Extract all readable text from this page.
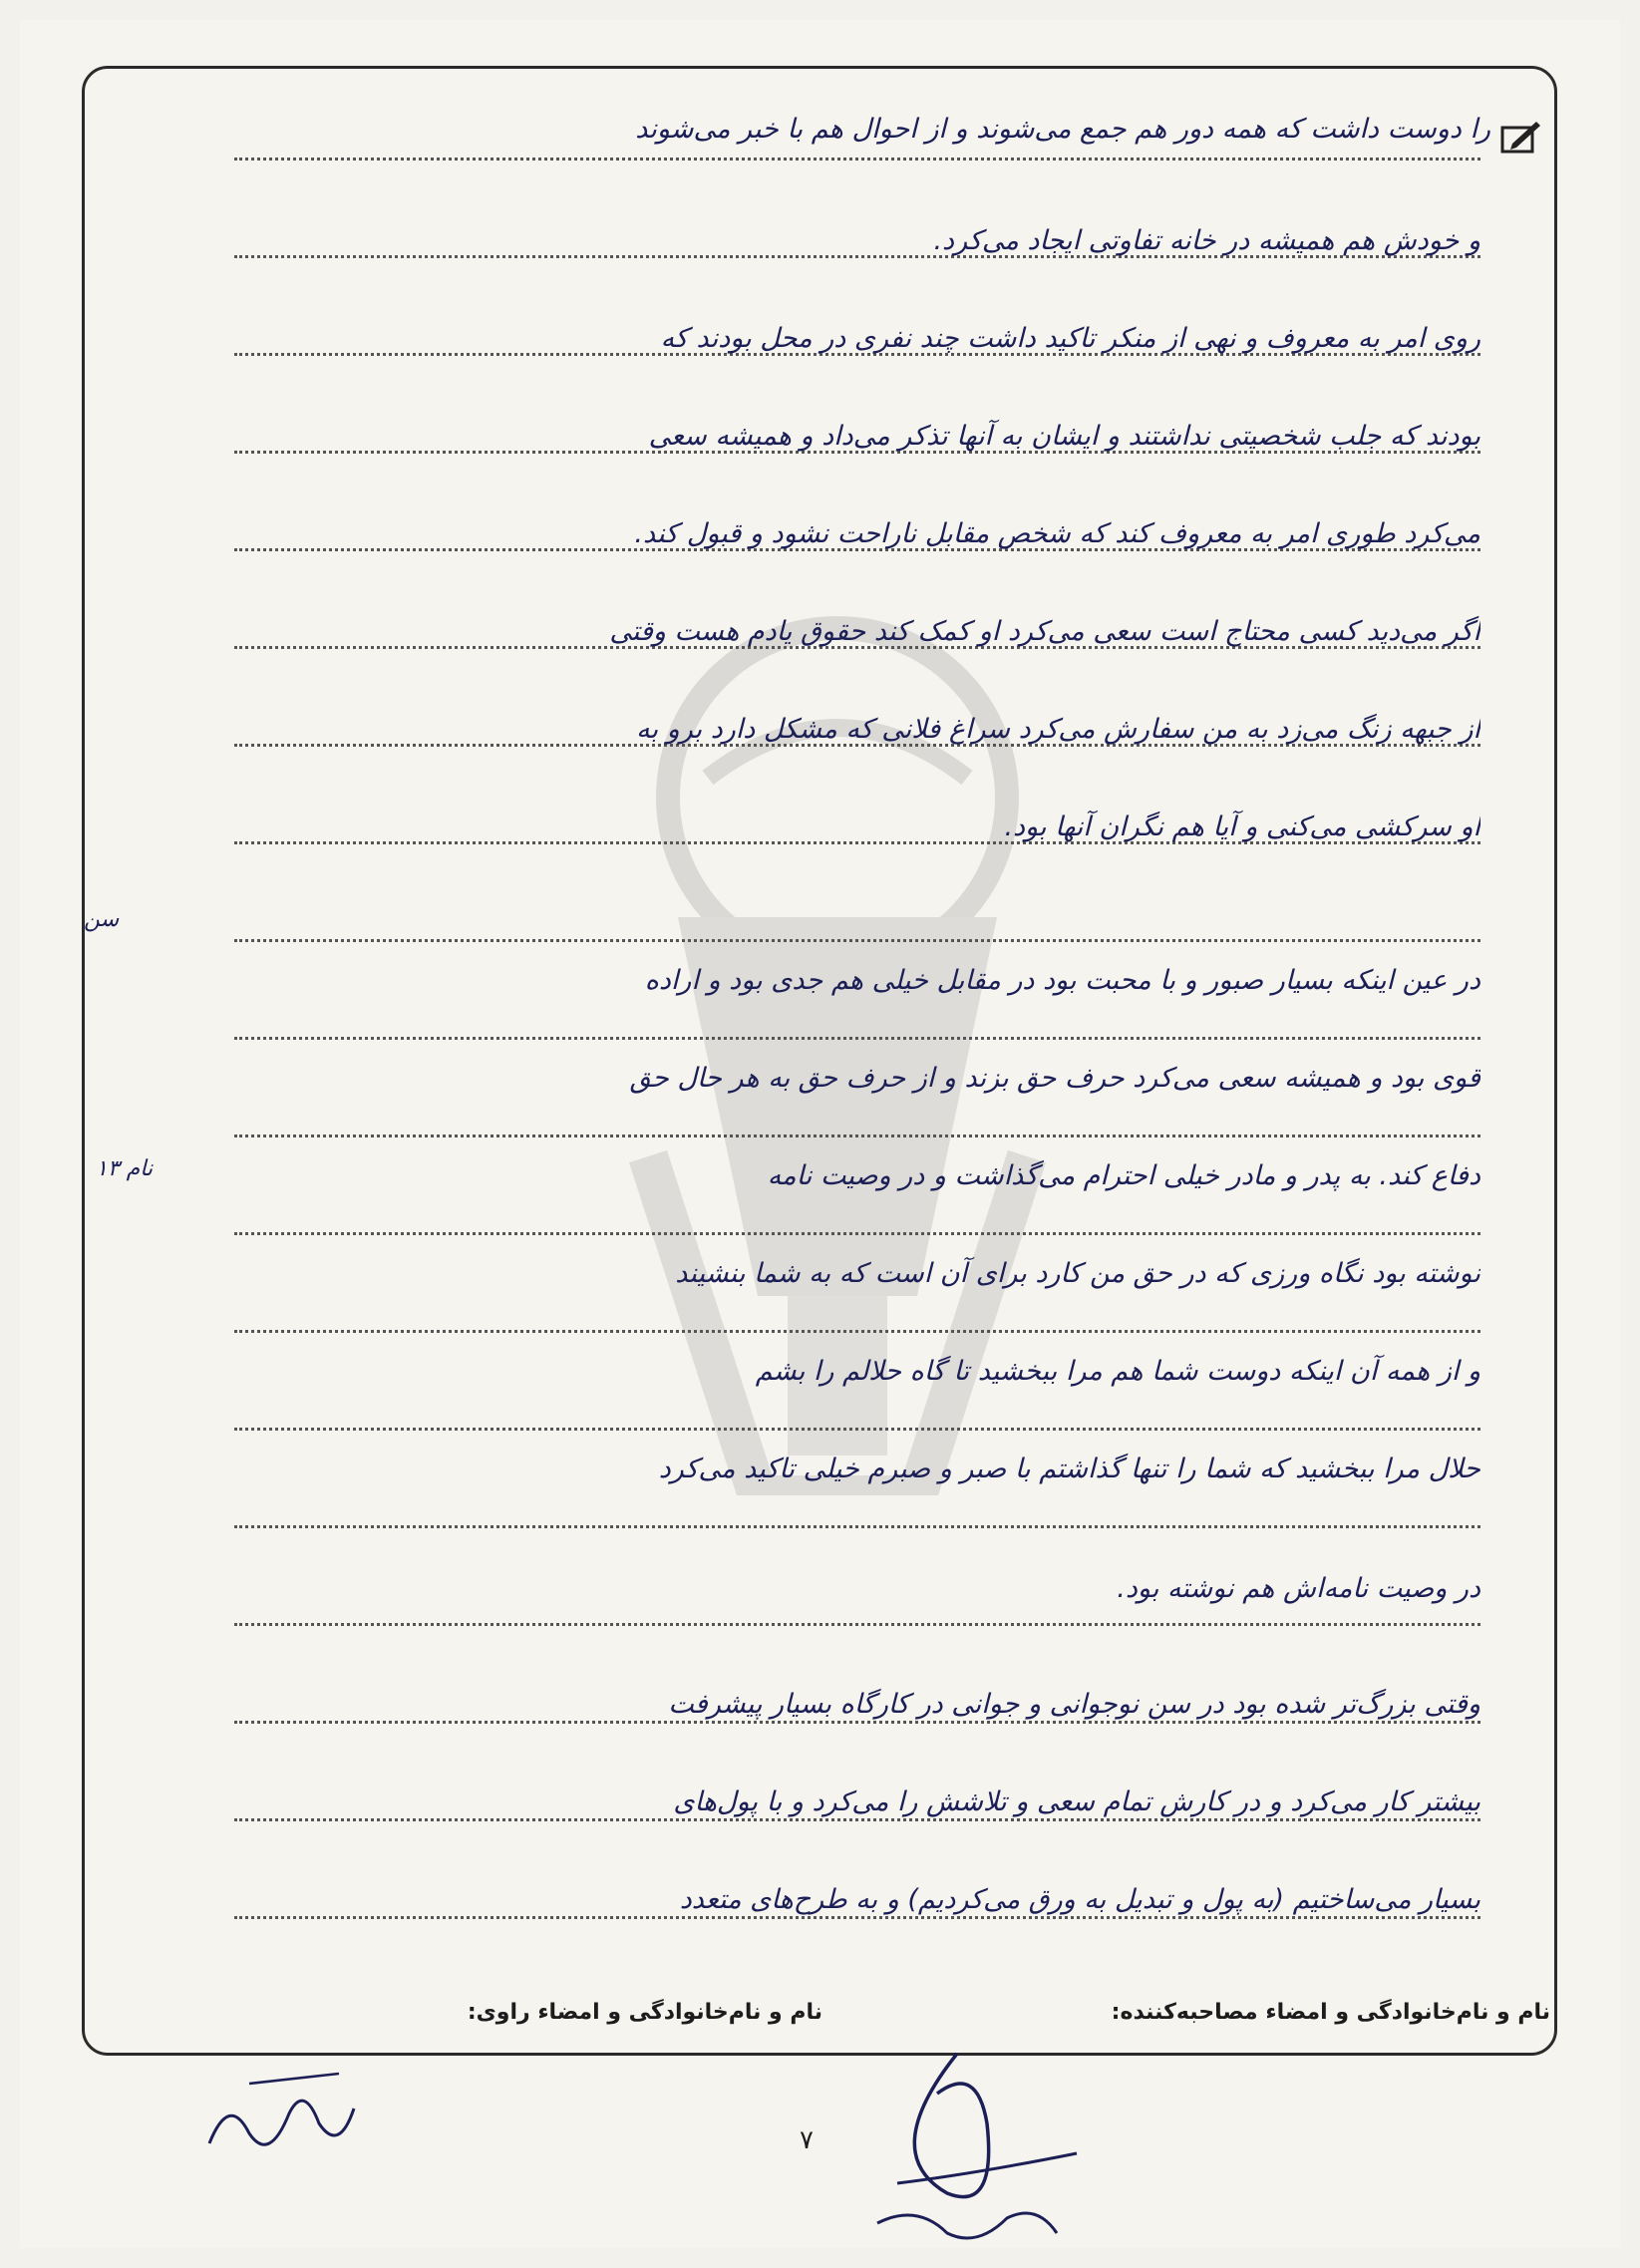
را دوست داشت که همه دور هم جمع می‌شوند و از احوال هم با خبر می‌شوند
و خودش هم همیشه در خانه تفاوتی ایجاد می‌کرد.
روی امر به معروف و نهی از منکر تاکید داشت چند نفری در محل بودند که
بودند که جلب شخصیتی نداشتند و ایشان به آنها تذکر می‌داد و همیشه سعی
می‌کرد طوری امر به معروف کند که شخص مقابل ناراحت نشود و قبول کند.
اگر می‌دید کسی محتاج است سعی می‌کرد او کمک کند حقوق یادم هست وقتی
از جبهه زنگ می‌زد به من سفارش می‌کرد سراغ فلانی که مشکل دارد برو به
او سرکشی می‌کنی و آیا هم نگران آنها بود.
در عین اینکه بسیار صبور و با محبت بود در مقابل خیلی هم جدی بود و اراده
قوی بود و همیشه سعی می‌کرد حرف حق بزند و از حرف حق به هر حال حق
دفاع کند. به پدر و مادر خیلی احترام می‌گذاشت و در وصیت نامه
نوشته بود نگاه ورزی که در حق من کارد برای آن است که به شما بنشیند
و از همه آن اینکه دوست شما هم مرا ببخشید تا گاه حلالم را بشم
حلال مرا ببخشید که شما را تنها گذاشتم با صبر و صبرم خیلی تاکید می‌کرد
در وصیت نامه‌اش هم نوشته بود.
وقتی بزرگ‌تر شده بود در سن نوجوانی و جوانی در کارگاه بسیار پیشرفت
بیشتر کار می‌کرد و در کارش تمام سعی و تلاشش را می‌کرد و با پول‌های
بسیار می‌ساختیم (به پول و تبدیل به ورق می‌کردیم) و به طرح‌های متعدد
سن
نام ۱۳
نام و نام‌خانوادگی و امضاء مصاحبه‌کننده:
نام و نام‌خانوادگی و امضاء راوی:
۷
